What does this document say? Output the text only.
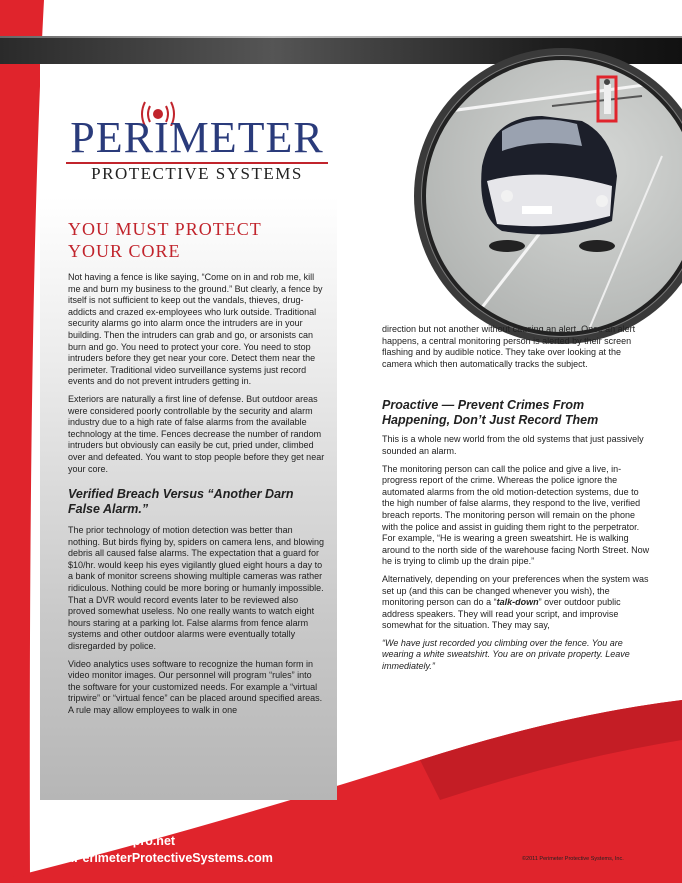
PERIMETER
PROTECTIVE SYSTEMS
YOU MUST PROTECT
YOUR CORE

Not having a fence is like saying, “Come on in and rob me, kill me and burn my business to the ground.” But clearly, a fence by itself is not sufficient to keep out the vandals, thieves, drug-addicts and crazed ex-employees who lurk outside. Traditional security alarms go into alarm once the intruders are in your building. Then the intruders can grab and go, or arsonists can burn and go. You need to protect your core. You need to stop intruders before they get near your core. Detect them near the perimeter. Traditional video surveillance systems just record events and do not prevent intruders getting in.

Exteriors are naturally a first line of defense. But outdoor areas were considered poorly controllable by the security and alarm industry due to a high rate of false alarms from the available technology at the time. Fences decrease the number of random intruders but obviously can easily be cut, pried under, climbed over and defeated. You want to stop people before they get near your core.

Verified Breach Versus “Another Darn False Alarm.”

The prior technology of motion detection was better than nothing. But birds flying by, spiders on camera lens, and blowing debris all caused false alarms. The expectation that a guard for $10/hr. would keep his eyes vigilantly glued eight hours a day to a bank of monitor screens showing multiple cameras was rather ridiculous. Nothing could be more boring or humanly impossible. That a DVR would record events later to be reviewed also proved somewhat useless. No one really wants to watch eight hours staring at a parking lot. False alarms from fence alarm systems and other outdoor alarms were eventually totally disregarded by police.

Video analytics uses software to recognize the human form in video monitor images. Our personnel will program “rules” into the software for your customized needs. For example a “virtual tripwire” or “virtual fence” can be placed around specified areas. A rule may allow employees to walk in one

direction but not another without causing an alert. Once an alert happens, a central monitoring person is alerted by their screen flashing and by audible notice. They take over looking at the camera which then automatically tracks the subject.

Proactive — Prevent Crimes From Happening, Don’t Just Record Them

This is a whole new world from the old systems that just passively sounded an alarm.

The monitoring person can call the police and give a live, in-progress report of the crime. Whereas the police ignore the automated alarms from the old motion-detection systems, due to the high number of false alarms, they respond to the live, verified breach reports. The monitoring person will remain on the phone with the police and assist in guiding them right to the perpetrator. For example, “He is wearing a green sweatshirt. He is walking around to the north side of the warehouse facing North Street. Now he is trying to climb up the drain pipe.”

Alternatively, depending on your preferences when the system was set up (and this can be changed whenever you wish), the monitoring person can do a “talk-down” over outdoor public address speakers. They will read your script, and improvise somewhat for the situation. They may say,

“We have just recorded you climbing over the fence. You are wearing a white sweatshirt. You are on private property. Leave immediately.”

1-866-633-3813
ken@perimeterpro.net
www.PerimeterProtectiveSystems.com	©2011 Perimeter Protective Systems, Inc.
